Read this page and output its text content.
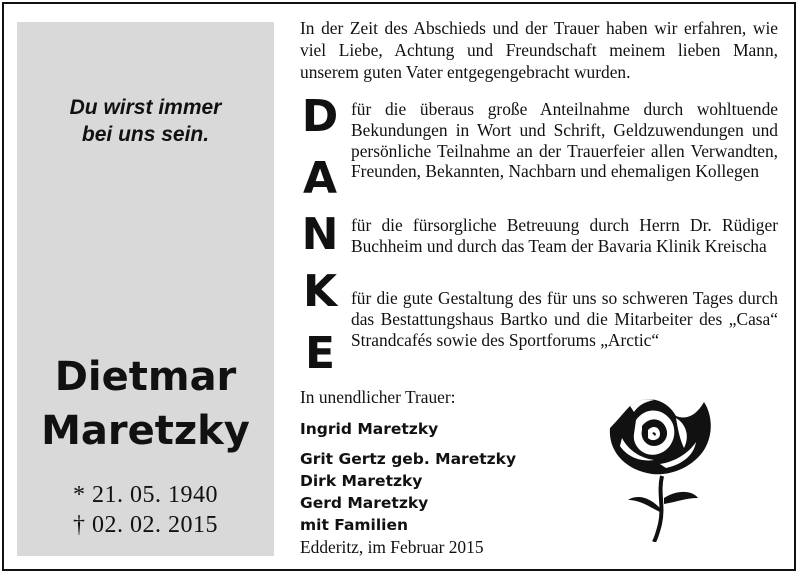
Du wirst immer
bei uns sein.
Dietmar
Maretzky
* 21. 05. 1940
† 02. 02. 2015
In der Zeit des Abschieds und der Trauer haben wir erfahren, wie viel Liebe, Achtung und Freundschaft meinem lieben Mann, unserem guten Vater entgegengebracht wurden.
D
A
N
K
E
für die überaus große Anteilnahme durch wohltuende Bekundungen in Wort und Schrift, Geldzuwendungen und persönliche Teilnahme an der Trauerfeier allen Verwandten, Freunden, Bekannten, Nachbarn und ehemaligen Kollegen
für die fürsorgliche Betreuung durch Herrn Dr. Rüdiger Buchheim und durch das Team der Bavaria Klinik Kreischa
für die gute Gestaltung des für uns so schweren Tages durch das Bestattungshaus Bartko und die Mitarbeiter des „Casa“ Strandcafés sowie des Sportforums „Arctic“
In unendlicher Trauer:
Ingrid Maretzky
Grit Gertz geb. Maretzky
Dirk Maretzky
Gerd Maretzky
mit Familien
Edderitz, im Februar 2015
